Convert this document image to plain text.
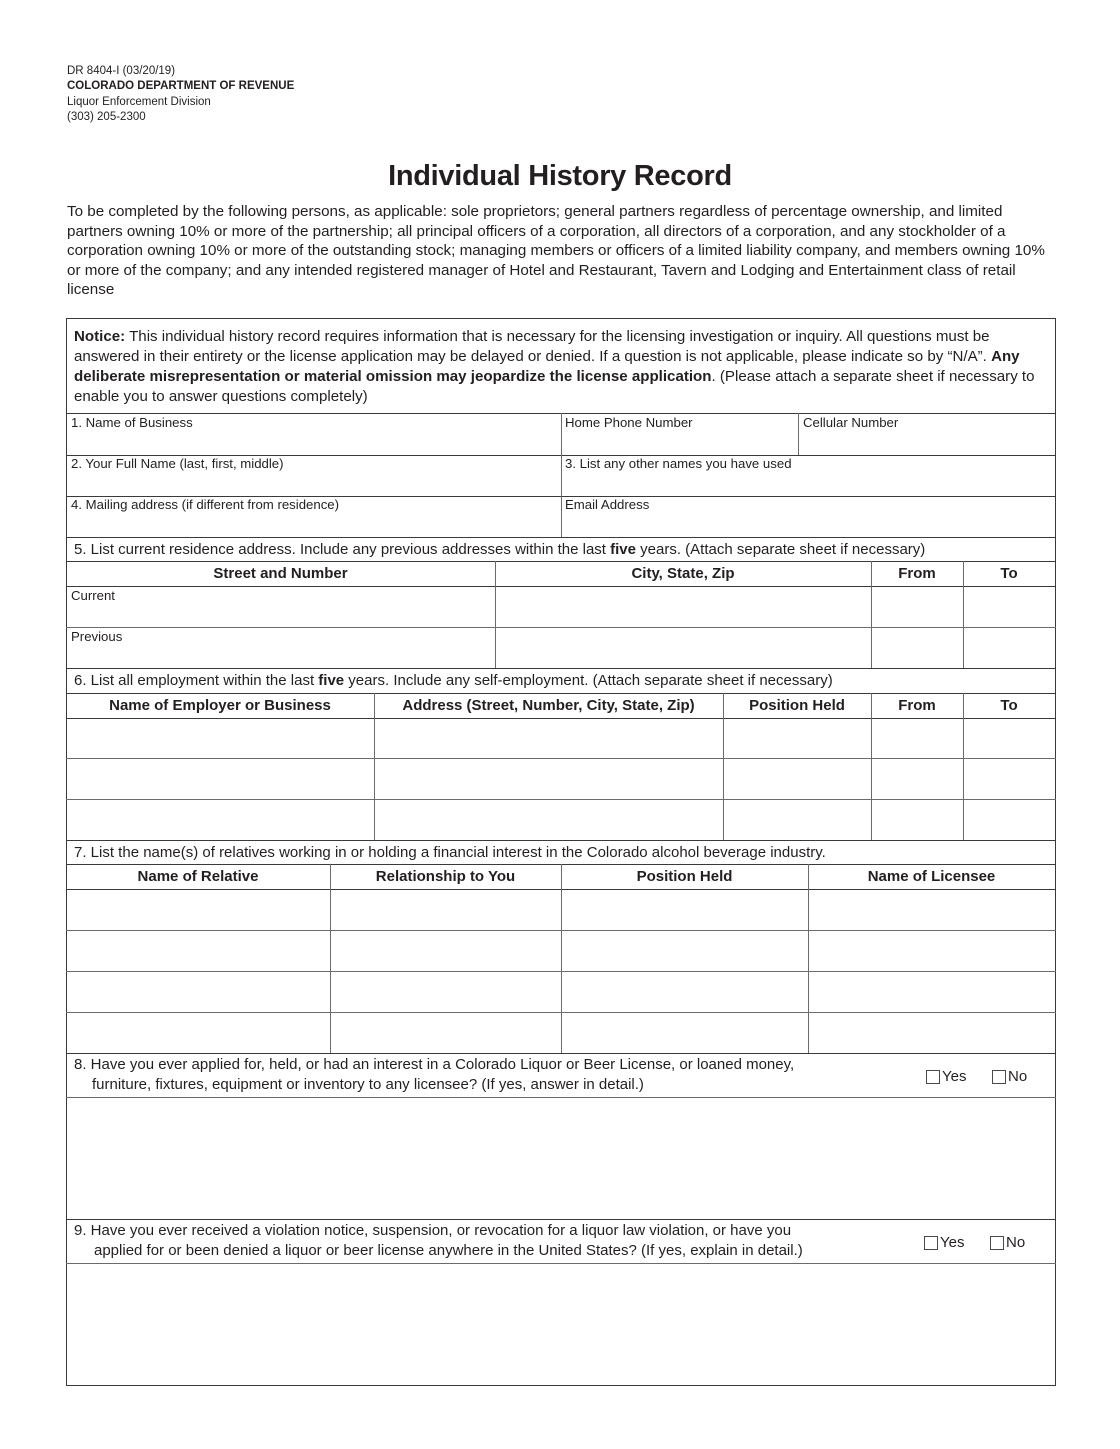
DR 8404-I (03/20/19)
COLORADO DEPARTMENT OF REVENUE
Liquor Enforcement Division
(303) 205-2300
Individual History Record
To be completed by the following persons, as applicable: sole proprietors; general partners regardless of percentage ownership, and limited partners owning 10% or more of the partnership; all principal officers of a corporation, all directors of a corporation, and any stockholder of a corporation owning 10% or more of the outstanding stock; managing members or officers of a limited liability company, and members owning 10% or more of the company; and any intended registered manager of Hotel and Restaurant, Tavern and Lodging and Entertainment class of retail license
Notice: This individual history record requires information that is necessary for the licensing investigation or inquiry. All questions must be answered in their entirety or the license application may be delayed or denied. If a question is not applicable, please indicate so by “N/A”. Any deliberate misrepresentation or material omission may jeopardize the license application. (Please attach a separate sheet if necessary to enable you to answer questions completely)
1. Name of Business	Home Phone Number	Cellular Number
2. Your Full Name (last, first, middle)	3. List any other names you have used
4. Mailing address (if different from residence)	Email Address
5. List current residence address. Include any previous addresses within the last five years. (Attach separate sheet if necessary)
Street and Number	City, State, Zip	From	To
Current
Previous
6. List all employment within the last five years. Include any self-employment. (Attach separate sheet if necessary)
Name of Employer or Business	Address (Street, Number, City, State, Zip)	Position Held	From	To
7. List the name(s) of relatives working in or holding a financial interest in the Colorado alcohol beverage industry.
Name of Relative	Relationship to You	Position Held	Name of Licensee
8. Have you ever applied for, held, or had an interest in a Colorado Liquor or Beer License, or loaned money,
furniture, fixtures, equipment or inventory to any licensee? (If yes, answer in detail.)	Yes	No
9. Have you ever received a violation notice, suspension, or revocation for a liquor law violation, or have you
applied for or been denied a liquor or beer license anywhere in the United States? (If yes, explain in detail.)	Yes	No
